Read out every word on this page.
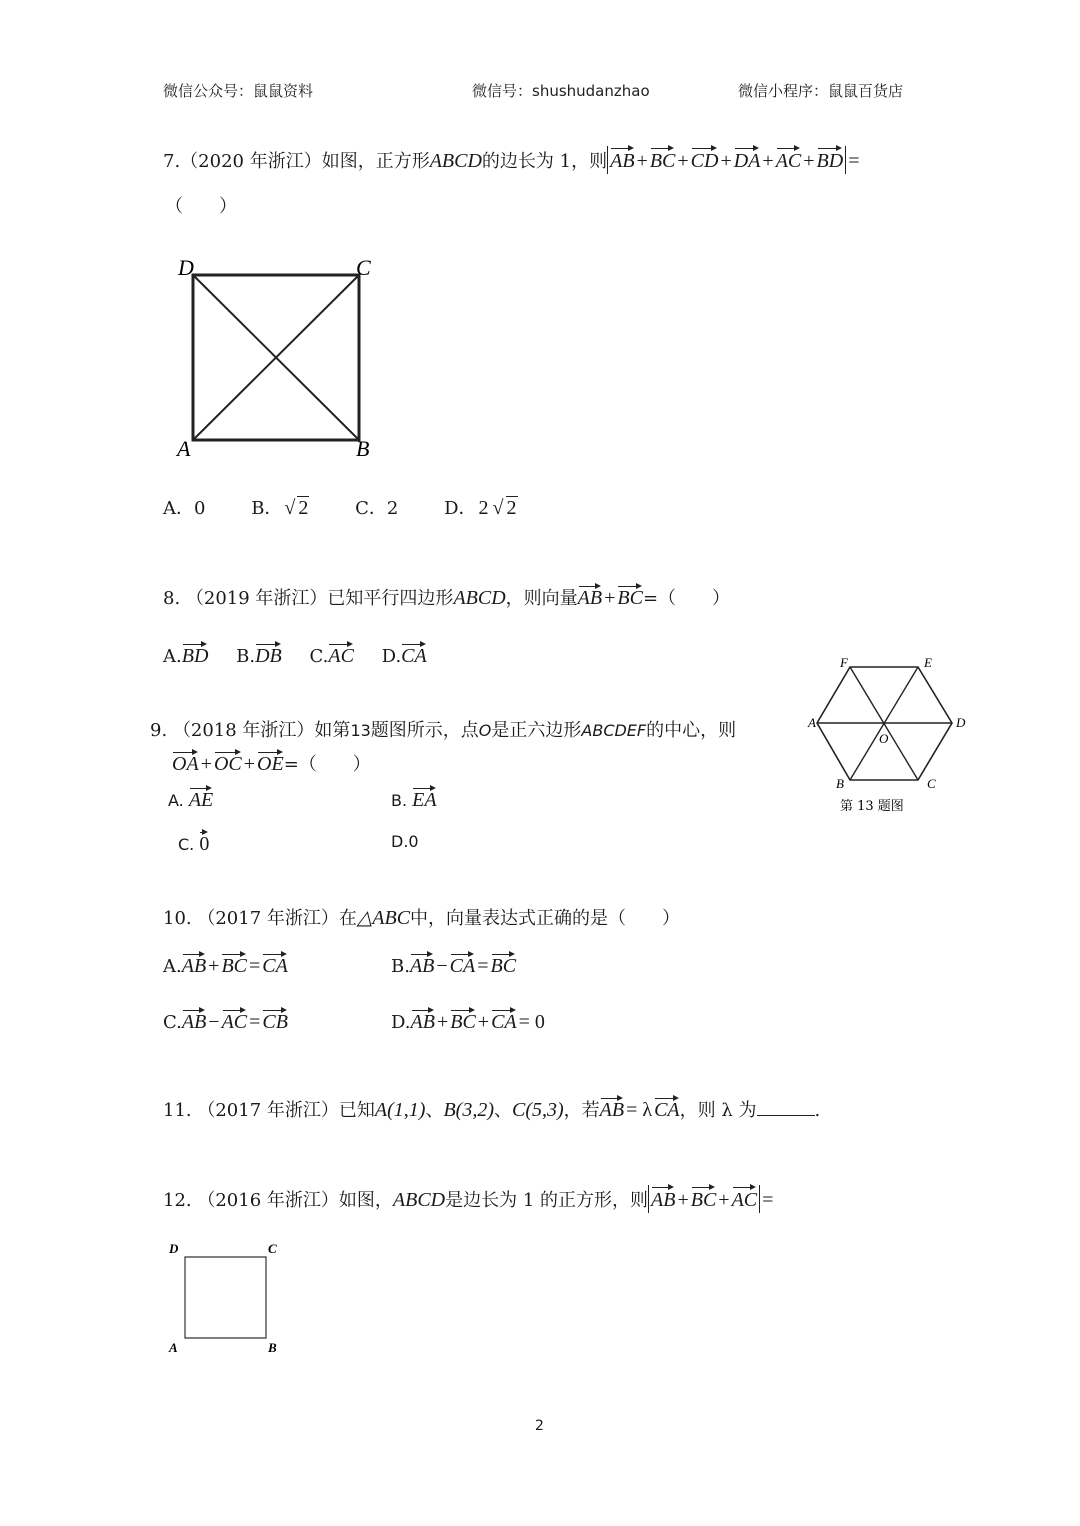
微信公众号：鼠鼠资料	微信号：shushudanzhao	微信小程序：鼠鼠百货店
7.（2020 年浙江）如图，正方形ABCD的边长为 1，则 AB + BC + CD + DA + AC + BD =
（　　）
D	C
A	B
A．0	B． √ 2	C．2	D． 2 √ 2
8. （2019 年浙江）已知平行四边形ABCD，则向量AB + BC=（　　）
A.BD B.DB C.AC D.CA
9. （2018 年浙江）如第13题图所示，点O是正六边形ABCDEF的中心，则
OA + OC + OE=（　　）
A. AE	B. EA
C. 0	D.0
F	E
A	D
O
B	C
第 13 题图
10. （2017 年浙江）在△ABC中，向量表达式正确的是（　　）
A.AB + BC = CA	B.AB − CA = BC
C.AB − AC = CB	D.AB + BC + CA = 0
11. （2017 年浙江）已知A(1,1)、B(3,2)、C(5,3)，若AB = λ CA，则 λ 为	.
12. （2016 年浙江）如图，ABCD是边长为 1 的正方形，则 AB + BC + AC =
D	C
A	B
2
